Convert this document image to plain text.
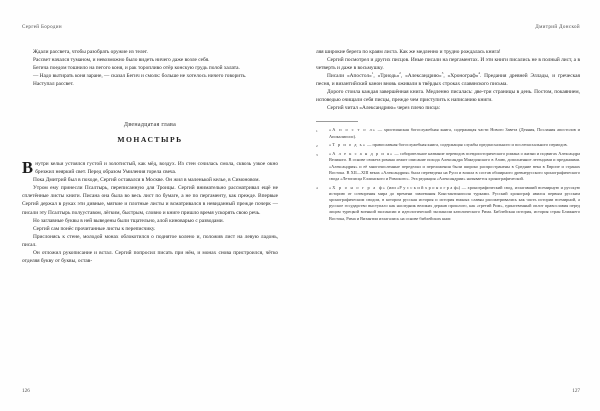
Сергей Бородин

Ждали рассвета, чтобы разобрать оружие из телег.

Рассвет начался туманом, и невозможно было видеть ничего даже возле себя.

Бегича поедом тошнило на пегого коня, и рак торопливо отёр конскую грудь полой халата.

— Надо вытирать коня заране, — сказал Бегич и смолк: больше не хотелось ничего говорить.

Наступал рассвет.

Двенадцатая глава
МОНАСТЫРЬ

Внутри кельи устоялся густой и золотистый, как мёд, воздух. Из стен сочилась смола, сквозь узкое окно брезжил неяркий свет. Перед образом Умиления горела свеча.

Пока Дмитрий был в походе, Сергий оставался в Москве. Он жил в маленькой келье, в Симоновом.

Утром ему принесли Псалтырь, переписанную для Троицы. Сергий внимательно рассматривал ещё не сплетённые листы книги. Писана она была во весь лист по бумаге, а не по пергаменту, как прежде. Впервые Сергий держал в руках эти дивные, мягкие и плотные листы и всматривался в невиданный прежде почерк — писали эту Псалтырь полууставом, лёгким, быстрым, словно и книге пришло время ускорять свою речь.

Но заглавные буквы в ней выведены были тщательно, алой киноварью с разводами.

Сергий сам понёс прочитанные листы к переписчику.

Прислонясь к стене, молодой монах облокотился о поднятое колено и, положив лист на левую ладонь, писал.

Он отложил рукописание и встал. Сергий попросил писать при нём, и монах снова пристроился, чётко отделяя букву от буквы, остав-

126
Дмитрий Донской

ляя широкие берега по краям листа. Как же медленно и трудно рождалась книга!

Сергий посмотрел и других писцов. Иные писали на пергаментах. И эти книги писались не в полный лист, а в четверть и даже в восьмушку.

Писали «Апостол»$^1$, «Триодь»$^2$, «Александрию»$^3$, «Хронограф»$^4$. Предания древней Эллады, и греческая песня, и византийский канон вновь оживали в твёрдых строках славянского письма.

Дорого стоила каждая завершённая книга. Медленно писалась: две-три страницы в день. Постом, покаянием, исповедью очищали себя писцы, прежде чем приступить к написанию книги.

Сергий читал «Александрию» через плечо писца:

1	«А п о с т о л» — христианская богослужебная книга, содержащая части Нового Завета (Деяния, Послания апостолов и Апокалипсис).
2	«Т р и о д ь» — православная богослужебная книга, содержащая службы предпасхального и послепасхального периодов.
3	«А л е к с а н д р и я» — собирательное название переводов псевдоисторического романа о жизни и подвигах Александра Великого. В основе сюжета романа лежит описание похода Александра Македонского в Азию, дополненное легендами и преданиями. «Александрия» и её многочисленные переделки и переложения были широко распространены в Средние века в Европе и странах Востока. В XII—XIII веках «Александрия» была переведена на Руси и вошла в состав обширного древнерусского хронографического свода «Летописца Еллинского и Римского». Эта редакция «Александрии» называется хронографической.
4	«Х р о н о г р а ф» (или «Р у с с к и й х р о н о г р а ф») — хронографический свод, излагавший всемирную и русскую историю от сотворения мира до времени завоевания Константинополя турками. Русский хронограф явился первым русским хронографическим сводом, в котором русская история и история южных славян рассматривались как часть истории всемирной, а русское государство выступало как наследник великих держав прошлого, как «третий Рим», единственный оплот православия перед лицом турецкой военной экспансии и идеологической экспансии католического Рима. Библейская история, история стран Ближнего Востока, Рима и Византии излагались на основе библейских книг.
127
